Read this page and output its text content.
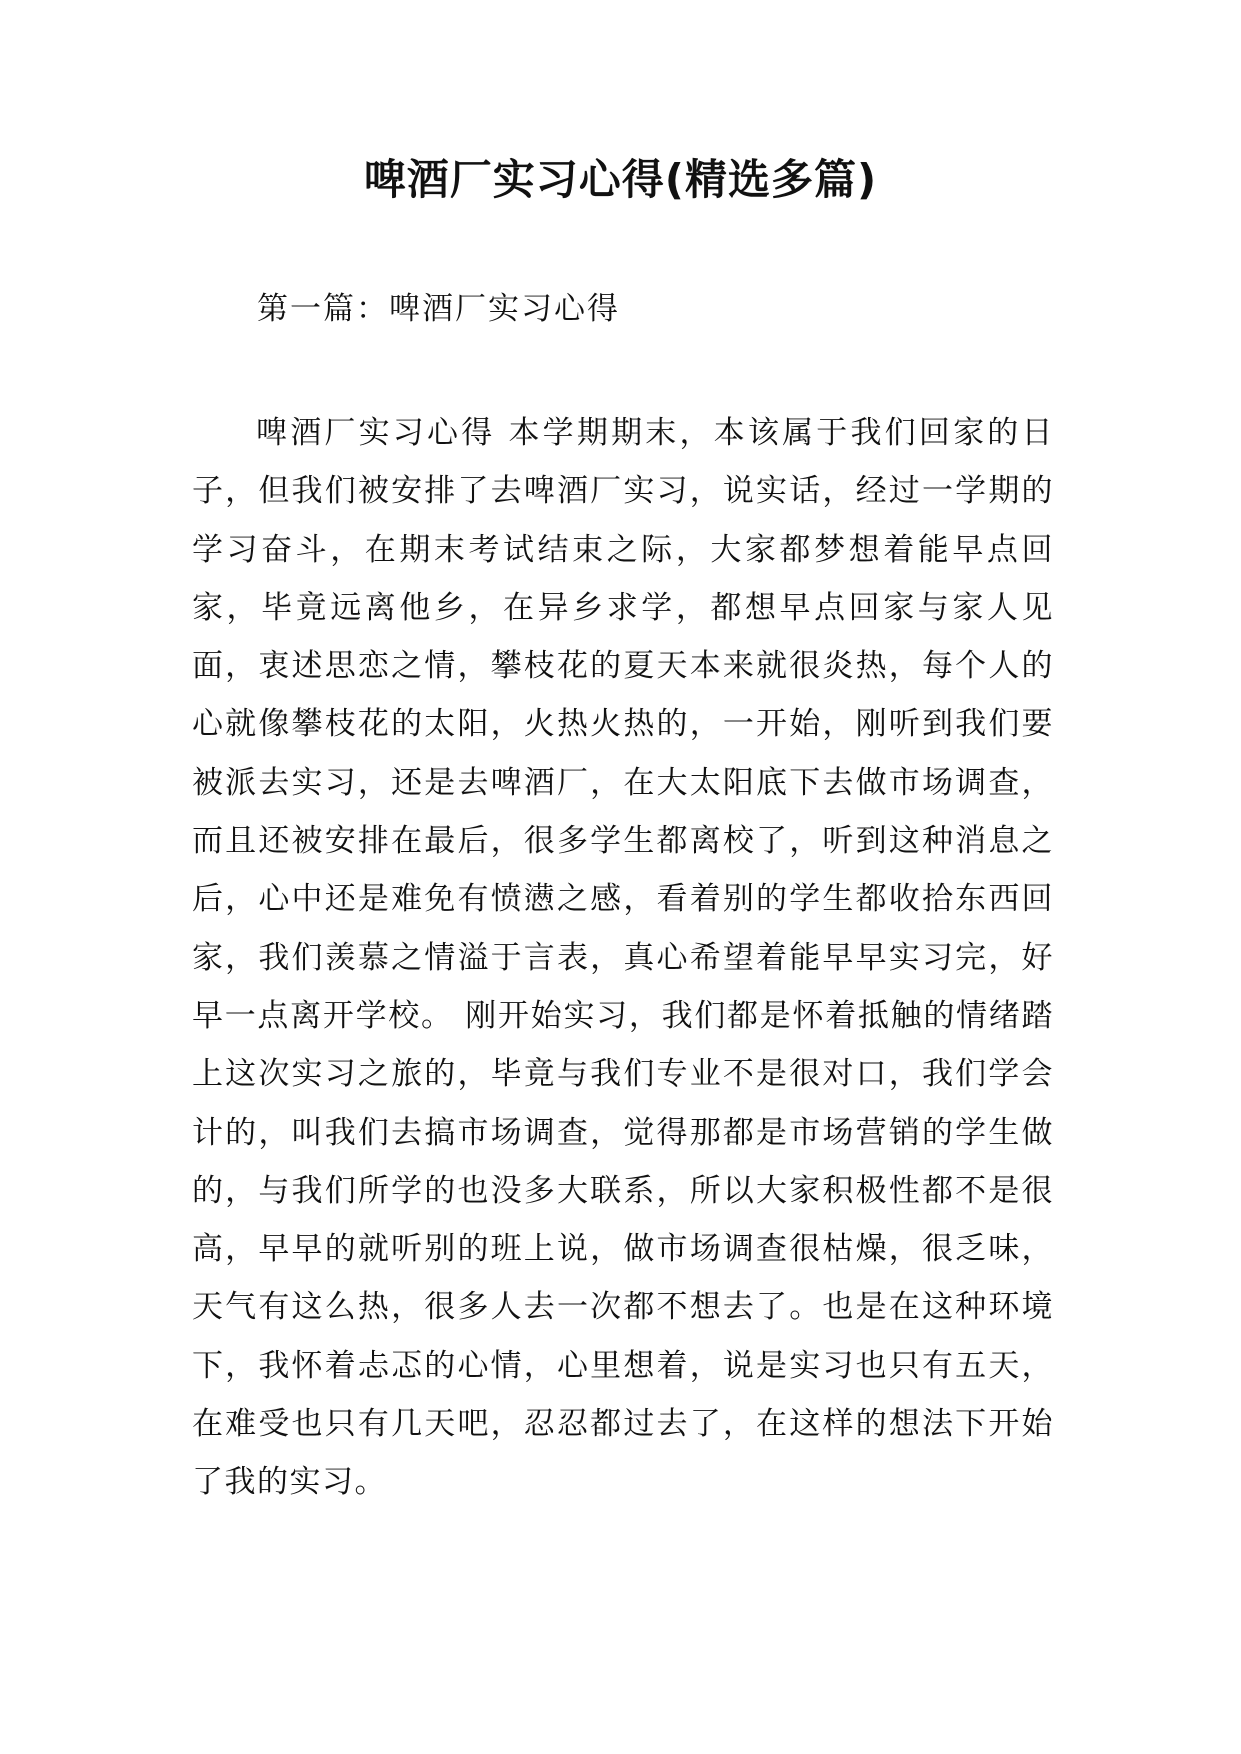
啤酒厂实习心得(精选多篇)

第一篇：啤酒厂实习心得

啤酒厂实习心得 本学期期末，本该属于我们回家的日子，但我们被安排了去啤酒厂实习，说实话，经过一学期的学习奋斗，在期末考试结束之际，大家都梦想着能早点回家，毕竟远离他乡，在异乡求学，都想早点回家与家人见面，衷述思恋之情，攀枝花的夏天本来就很炎热，每个人的心就像攀枝花的太阳，火热火热的，一开始，刚听到我们要被派去实习，还是去啤酒厂，在大太阳底下去做市场调查，而且还被安排在最后，很多学生都离校了，听到这种消息之后，心中还是难免有愤懑之感，看着别的学生都收拾东西回家，我们羡慕之情溢于言表，真心希望着能早早实习完，好早一点离开学校。 刚开始实习，我们都是怀着抵触的情绪踏上这次实习之旅的，毕竟与我们专业不是很对口，我们学会计的，叫我们去搞市场调查，觉得那都是市场营销的学生做的，与我们所学的也没多大联系，所以大家积极性都不是很高，早早的就听别的班上说，做市场调查很枯燥，很乏味，天气有这么热，很多人去一次都不想去了。也是在这种环境下，我怀着忐忑的心情，心里想着，说是实习也只有五天，在难受也只有几天吧，忍忍都过去了，在这样的想法下开始了我的实习。
